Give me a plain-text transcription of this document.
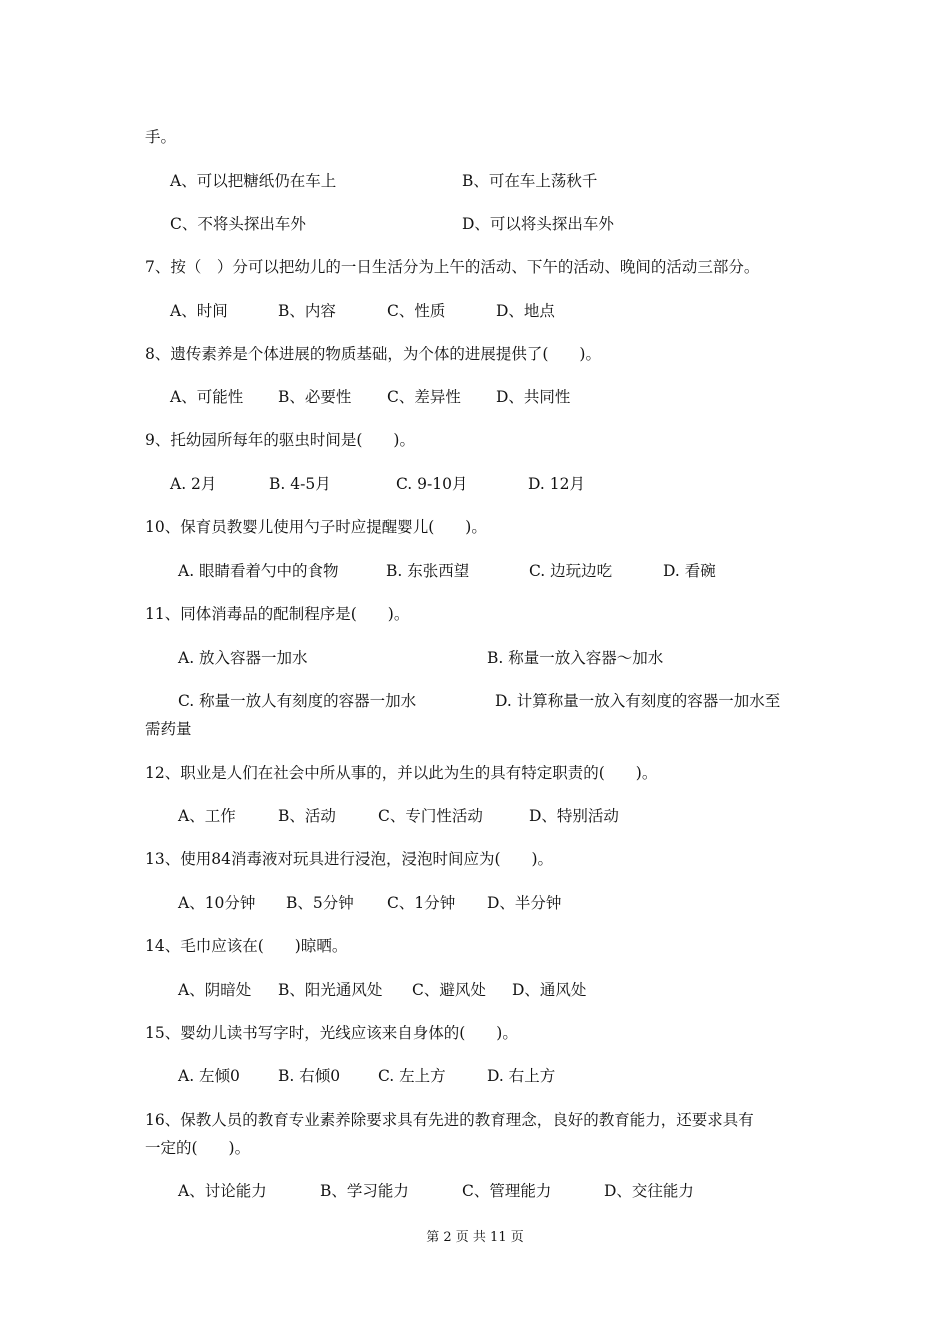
手。
A、可以把糖纸仍在车上	B、可在车上荡秋千
C、不将头探出车外	D、可以将头探出车外
7、按（　）分可以把幼儿的一日生活分为上午的活动、下午的活动、晚间的活动三部分。
A、时间	B、内容	C、性质	D、地点
8、遗传素养是个体进展的物质基础，为个体的进展提供了(　　)。
A、可能性 B、必要性 C、差异性 D、共同性
9、托幼园所每年的驱虫时间是(　　)。
A. 2月	B. 4-5月	C. 9-10月	D. 12月
10、保育员教婴儿使用勺子时应提醒婴儿(　　)。
A. 眼睛看着勺中的食物	B. 东张西望	C. 边玩边吃	D. 看碗
11、同体消毒品的配制程序是(　　)。
A. 放入容器一加水	B. 称量一放入容器～加水
C. 称量一放人有刻度的容器一加水	D. 计算称量一放入有刻度的容器一加水至
需药量
12、职业是人们在社会中所从事的，并以此为生的具有特定职责的(　　)。
A、工作	B、活动	C、专门性活动	D、特别活动
13、使用84消毒液对玩具进行浸泡，浸泡时间应为(　　)。
A、10分钟 B、5分钟 C、1分钟 D、半分钟
14、毛巾应该在(　　)晾晒。
A、阴暗处 B、阳光通风处 C、避风处 D、通风处
15、婴幼儿读书写字时，光线应该来自身体的(　　)。
A. 左倾0 B. 右倾0 C. 左上方	D. 右上方
16、保教人员的教育专业素养除要求具有先进的教育理念，良好的教育能力，还要求具有
一定的(　　)。
A、讨论能力	B、学习能力	C、管理能力	D、交往能力
第 2 页 共 11 页
